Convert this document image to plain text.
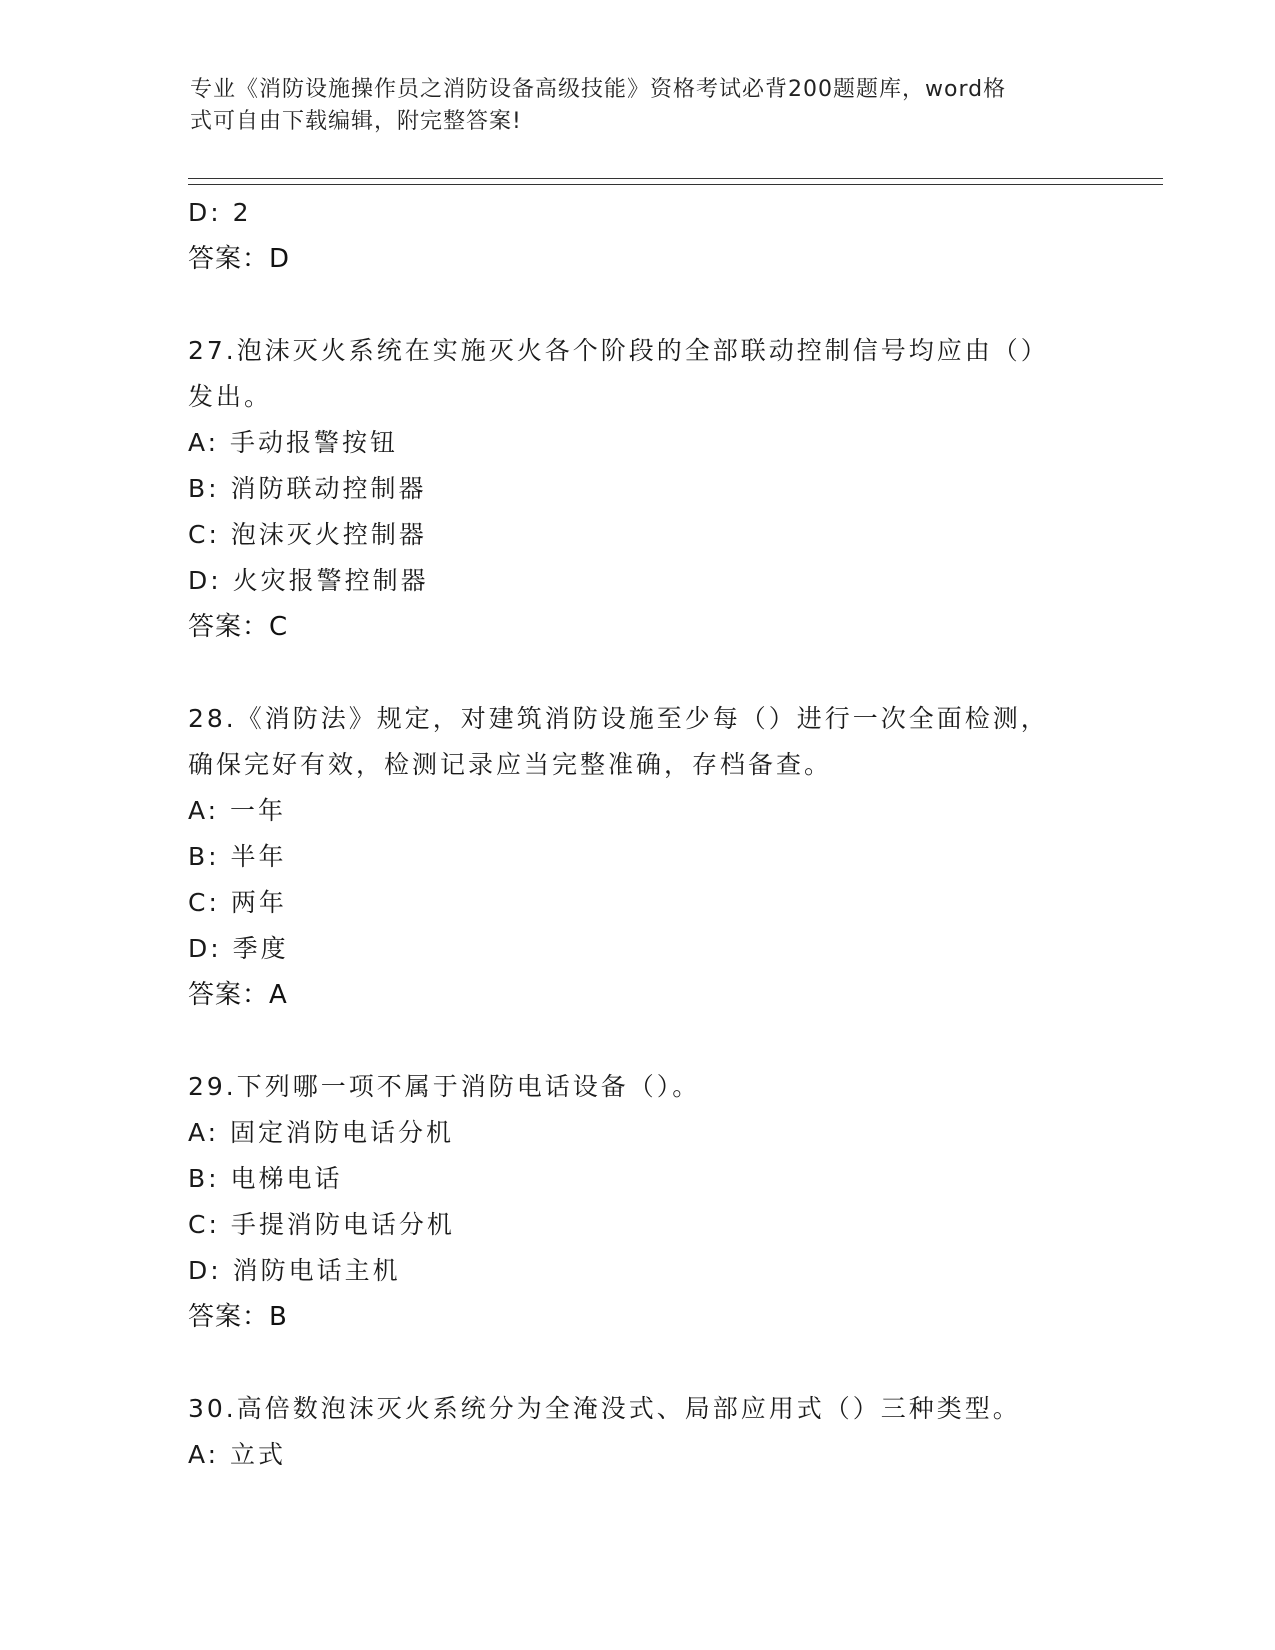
专业《消防设施操作员之消防设备高级技能》资格考试必背200题题库，word格
式可自由下载编辑，附完整答案!
D: 2
答案：D
27.泡沫灭火系统在实施灭火各个阶段的全部联动控制信号均应由（）
发出。
A: 手动报警按钮
B: 消防联动控制器
C: 泡沫灭火控制器
D: 火灾报警控制器
答案：C
28.《消防法》规定，对建筑消防设施至少每（）进行一次全面检测，
确保完好有效，检测记录应当完整准确，存档备查。
A: 一年
B: 半年
C: 两年
D: 季度
答案：A
29.下列哪一项不属于消防电话设备（）。
A: 固定消防电话分机
B: 电梯电话
C: 手提消防电话分机
D: 消防电话主机
答案：B
30.高倍数泡沫灭火系统分为全淹没式、局部应用式（）三种类型。
A: 立式
